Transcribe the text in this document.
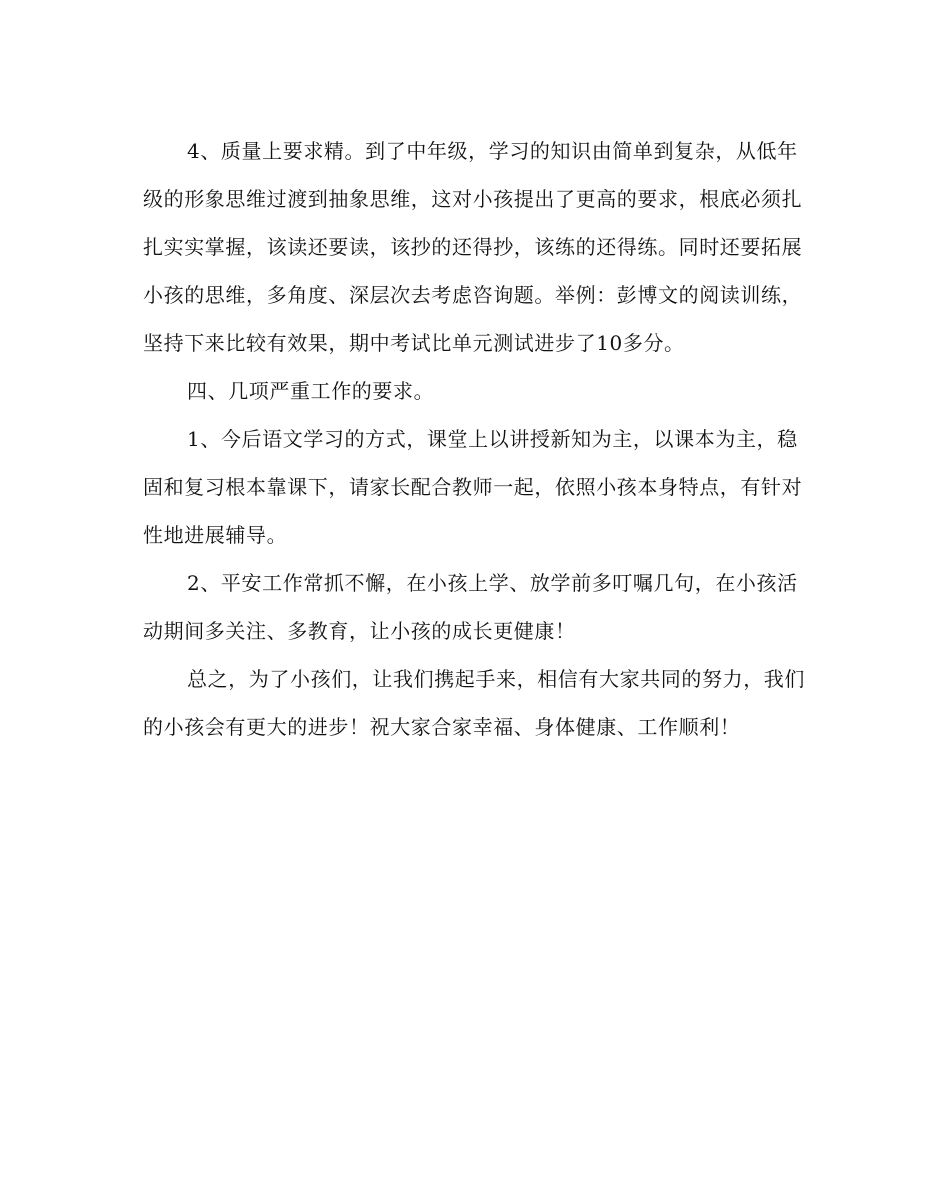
4、质量上要求精。到了中年级，学习的知识由简单到复杂，从低年级的形象思维过渡到抽象思维，这对小孩提出了更高的要求，根底必须扎扎实实掌握，该读还要读，该抄的还得抄，该练的还得练。同时还要拓展小孩的思维，多角度、深层次去考虑咨询题。举例：彭博文的阅读训练，坚持下来比较有效果，期中考试比单元测试进步了10多分。

四、几项严重工作的要求。

1、今后语文学习的方式，课堂上以讲授新知为主，以课本为主，稳固和复习根本靠课下，请家长配合教师一起，依照小孩本身特点，有针对性地进展辅导。

2、平安工作常抓不懈，在小孩上学、放学前多叮嘱几句，在小孩活动期间多关注、多教育，让小孩的成长更健康！

总之，为了小孩们，让我们携起手来，相信有大家共同的努力，我们的小孩会有更大的进步！祝大家合家幸福、身体健康、工作顺利！
